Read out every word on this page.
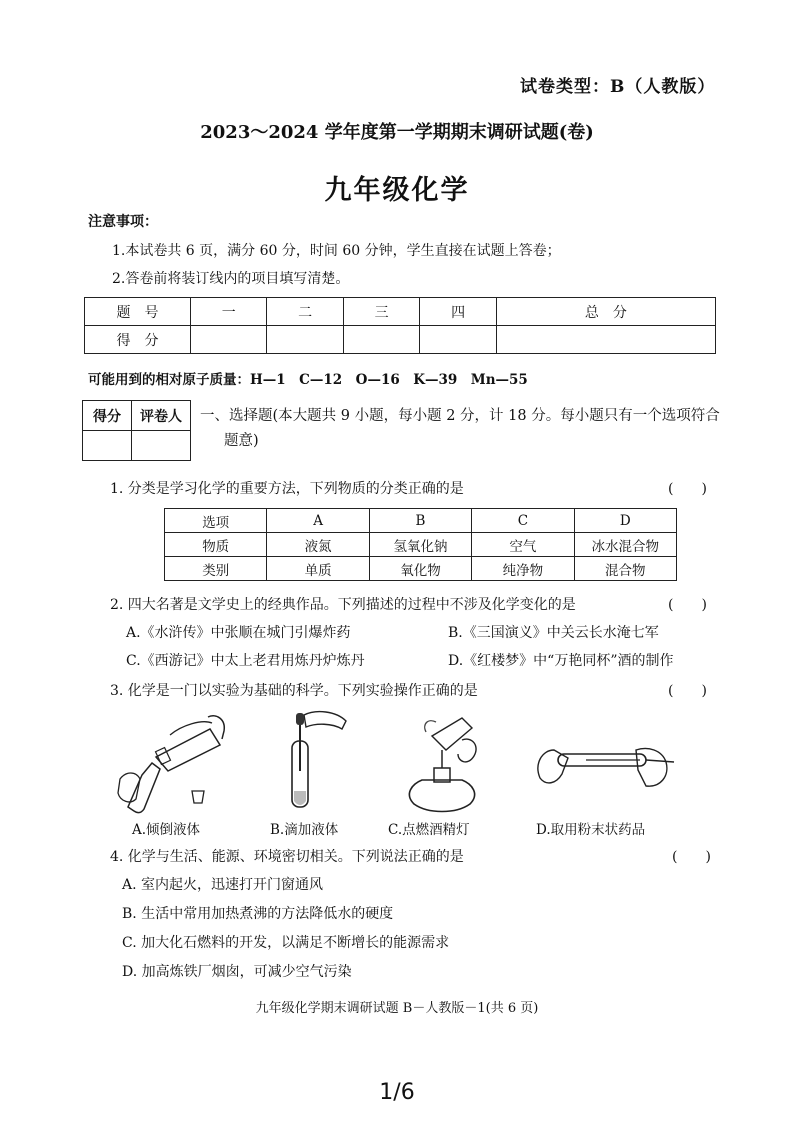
试卷类型：B（人教版）
2023～2024 学年度第一学期期末调研试题(卷)
九年级化学
注意事项：
1.本试卷共 6 页，满分 60 分，时间 60 分钟，学生直接在试题上答卷；
2.答卷前将装订线内的项目填写清楚。
题　号	一	二	三	四	总　分
得　分					
可能用到的相对原子质量：H—1　C—12　O—16　K—39　Mn—55
得分	评卷人
	一、选择题(本大题共 9 小题，每小题 2 分，计 18 分。每小题只有一个选项符合
题意)
1. 分类是学习化学的重要方法，下列物质的分类正确的是	(　　)
选项	A	B	C	D
物质	液氮	氢氧化钠	空气	冰水混合物
类别	单质	氧化物	纯净物	混合物
2. 四大名著是文学史上的经典作品。下列描述的过程中不涉及化学变化的是	(　　)
A.《水浒传》中张顺在城门引爆炸药	B.《三国演义》中关云长水淹七军
C.《西游记》中太上老君用炼丹炉炼丹	D.《红楼梦》中“万艳同杯”酒的制作
3. 化学是一门以实验为基础的科学。下列实验操作正确的是	(　　)
A.倾倒液体	B.滴加液体	C.点燃酒精灯	D.取用粉末状药品
4. 化学与生活、能源、环境密切相关。下列说法正确的是	(　　)
A. 室内起火，迅速打开门窗通风
B. 生活中常用加热煮沸的方法降低水的硬度
C. 加大化石燃料的开发，以满足不断增长的能源需求
D. 加高炼铁厂烟囱，可减少空气污染
九年级化学期末调研试题 B－人教版－1(共 6 页)
1/6
